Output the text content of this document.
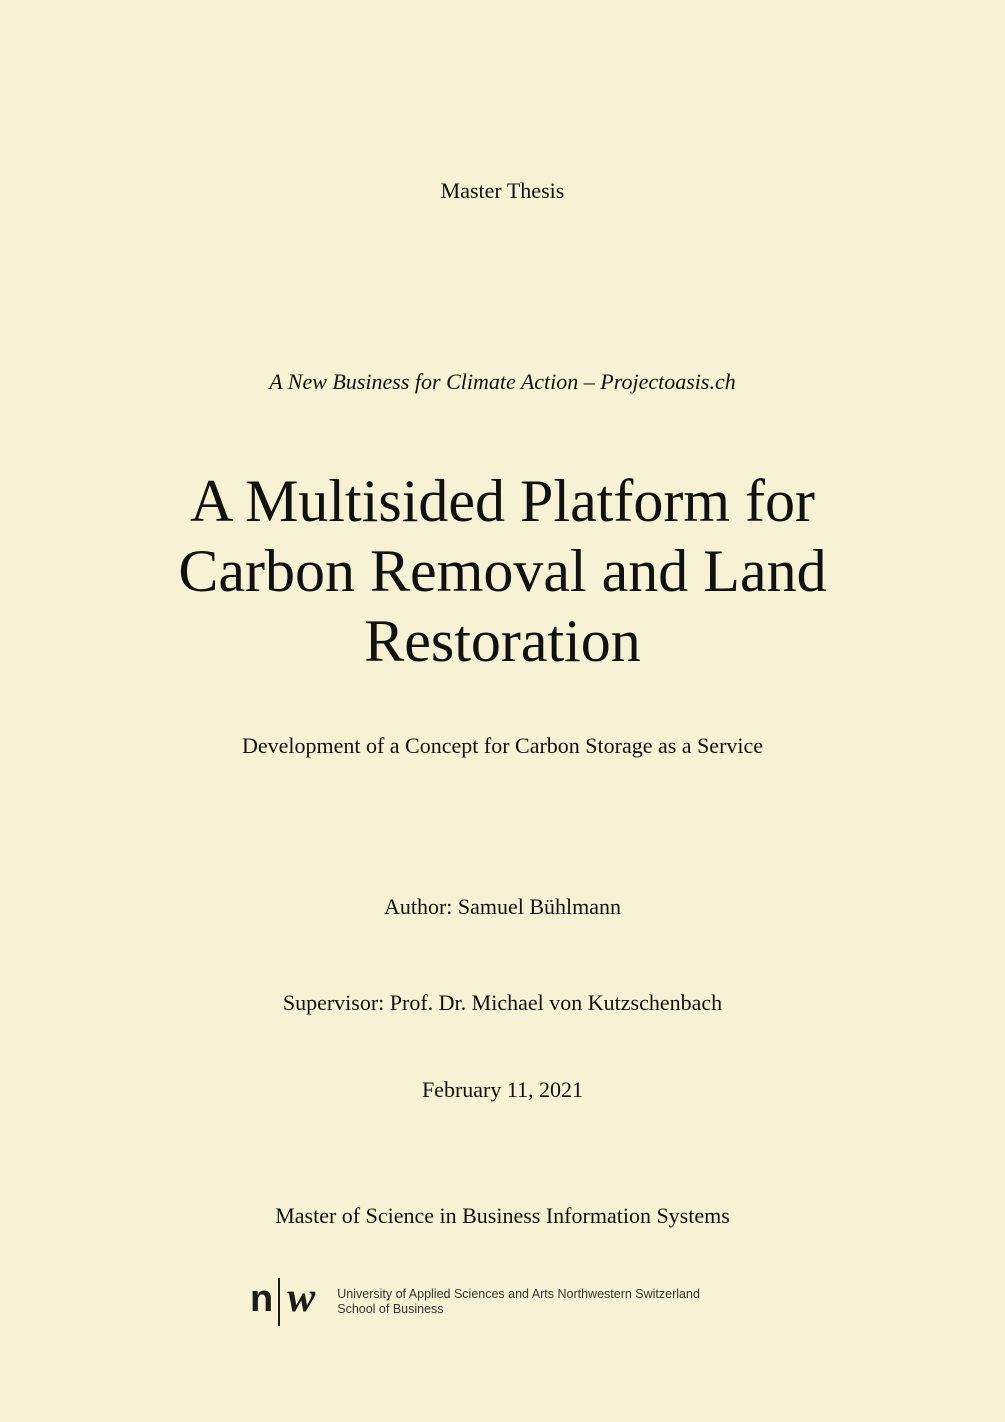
Master Thesis
A New Business for Climate Action – Projectoasis.ch
A Multisided Platform for
Carbon Removal and Land
Restoration
Development of a Concept for Carbon Storage as a Service
Author: Samuel Bühlmann
Supervisor: Prof. Dr. Michael von Kutzschenbach
February 11, 2021
Master of Science in Business Information Systems
n w University of Applied Sciences and Arts Northwestern Switzerland
School of Business
